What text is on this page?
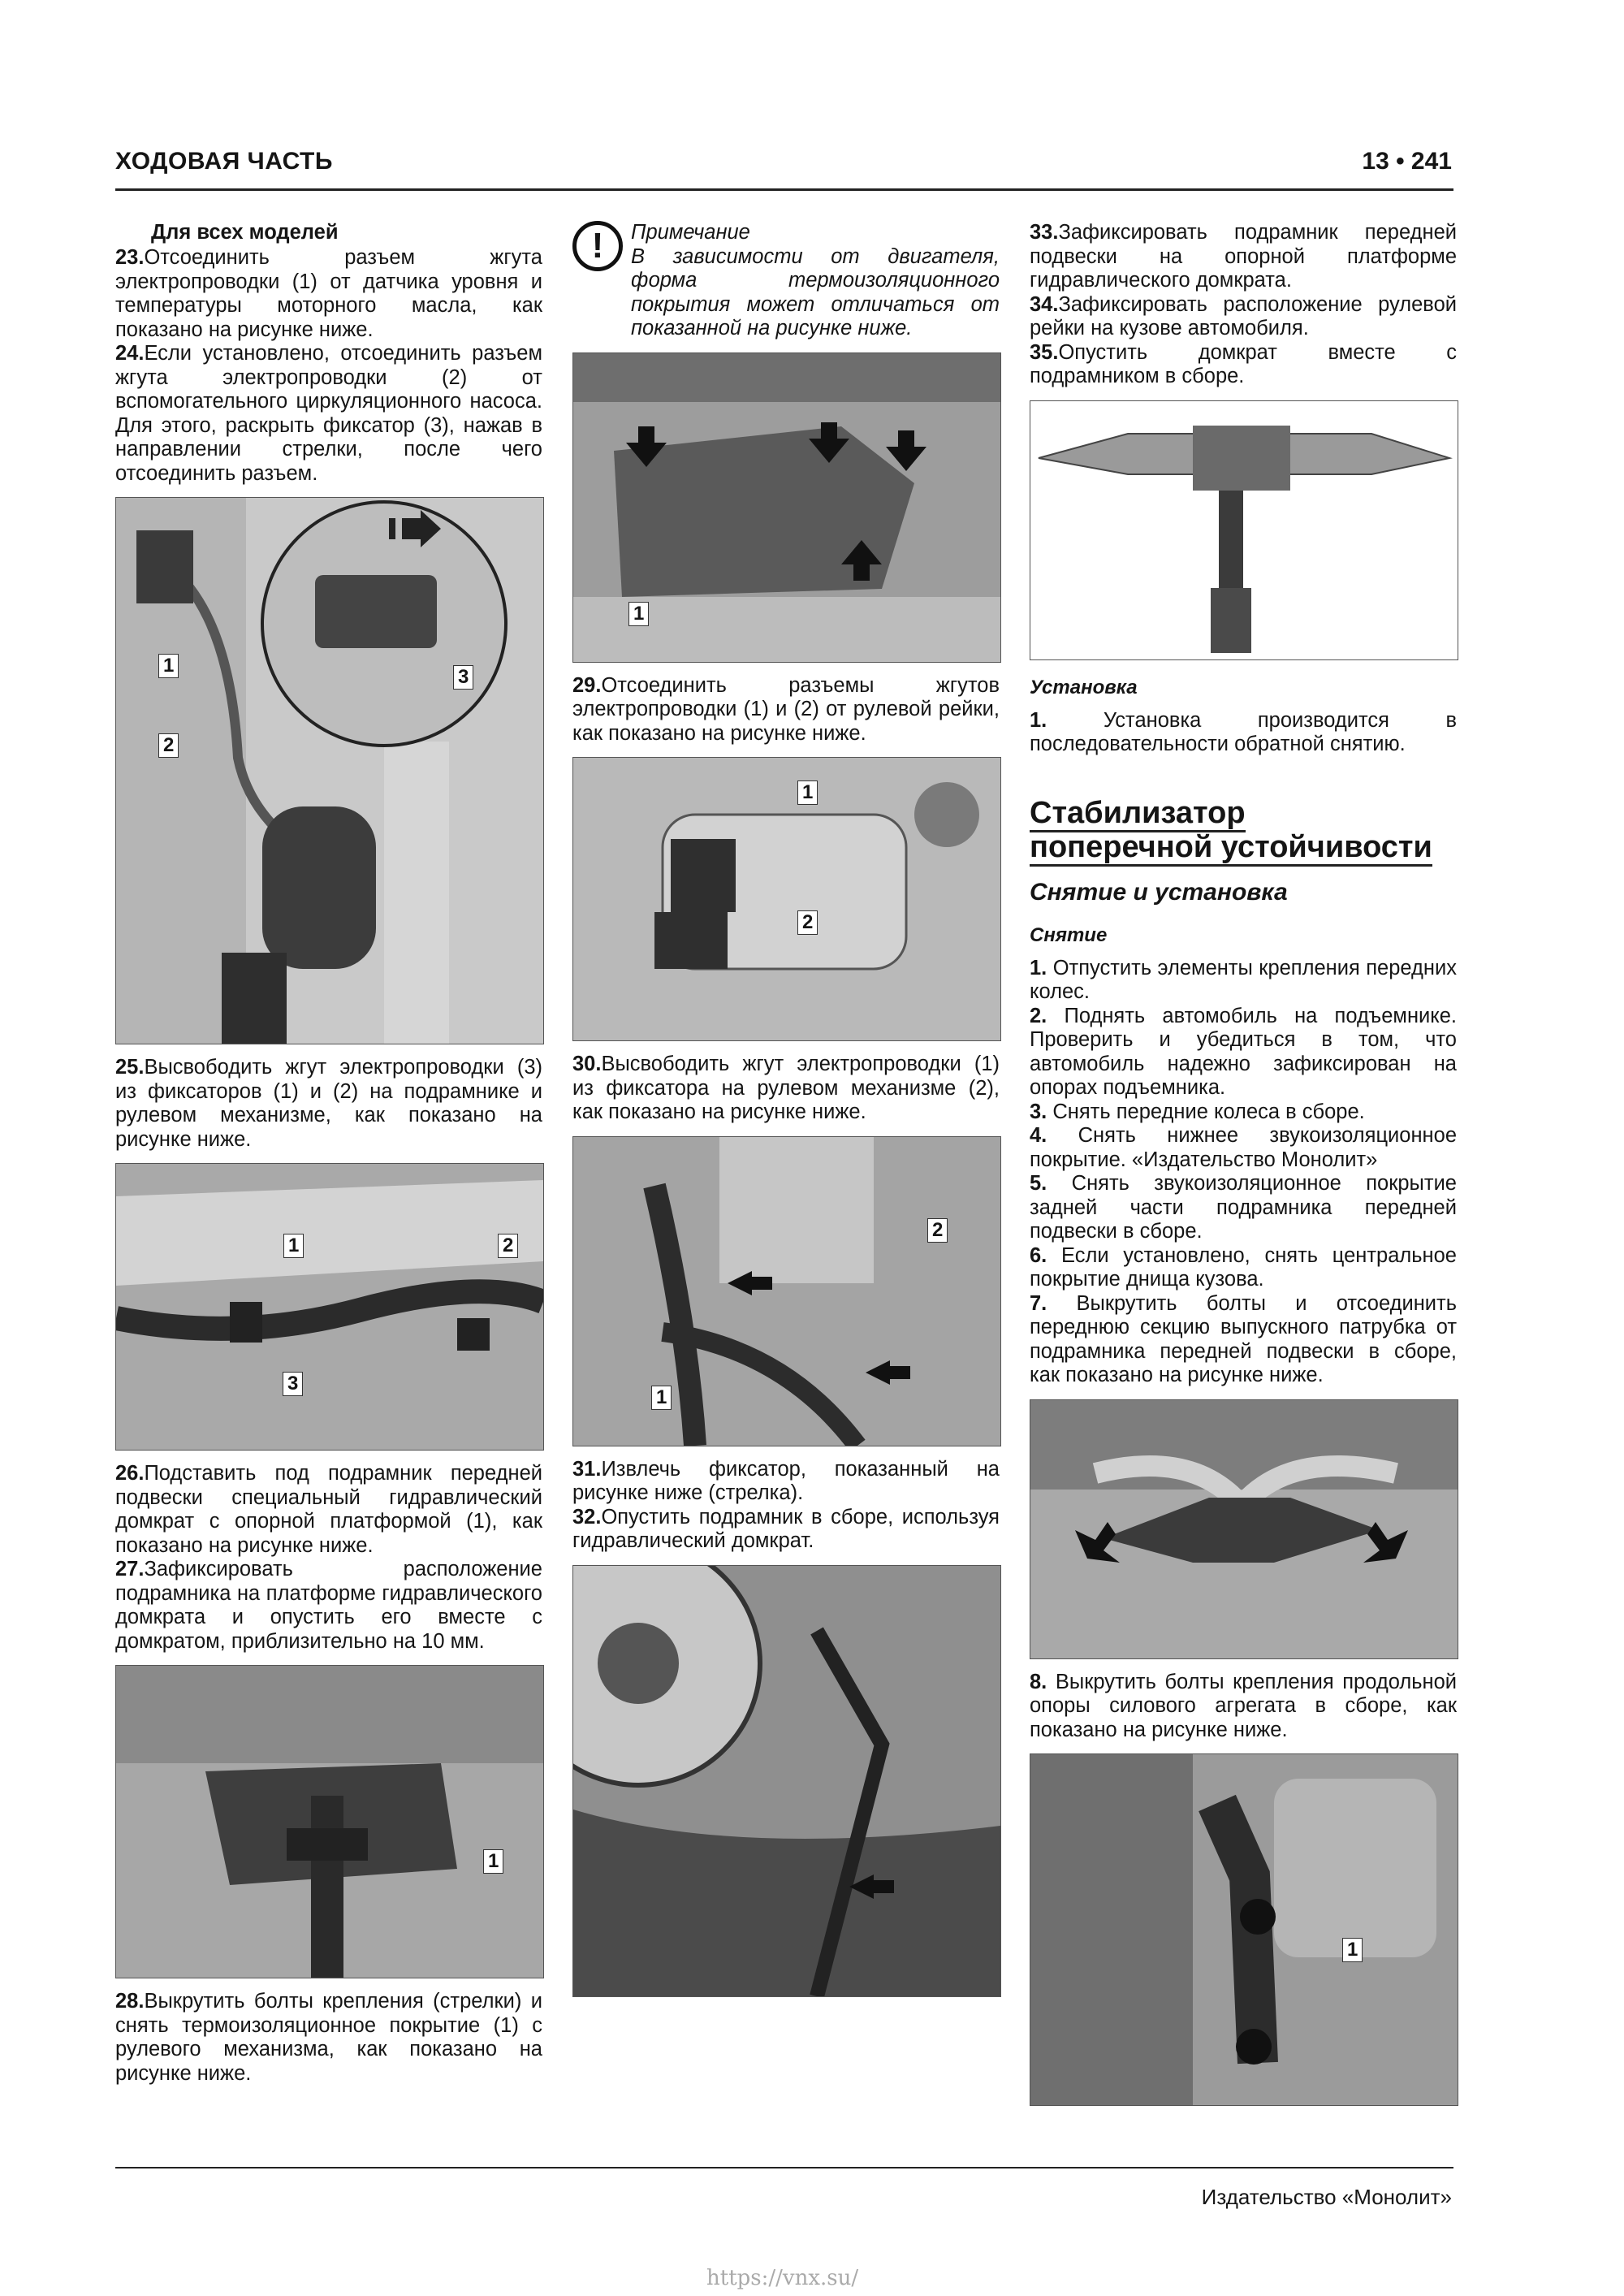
ХОДОВАЯ ЧАСТЬ	13 • 241
Для всех моделей

23.Отсоединить разъем жгута электропроводки (1) от датчика уровня и температуры моторного масла, как показано на рисунке ниже.

24.Если установлено, отсоединить разъем жгута электропроводки (2) от вспомогательного циркуляционного насоса. Для этого, раскрыть фиксатор (3), нажав в направлении стрелки, после чего отсоединить разъем.

1
2
3

25.Высвободить жгут электропроводки (3) из фиксаторов (1) и (2) на подрамнике и рулевом механизме, как показано на рисунке ниже.

1	2
3

26.Подставить под подрамник передней подвески специальный гидравлический домкрат с опорной платформой (1), как показано на рисунке ниже.

27.Зафиксировать расположение подрамника на платформе гидравлического домкрата и опустить его вместе с домкратом, приблизительно на 10 мм.

1

28.Выкрутить болты крепления (стрелки) и снять термоизоляционное покрытие (1) с рулевого механизма, как показано на рисунке ниже.

!	Примечание
В зависимости от двигателя, форма термоизоляционного покрытия может отличаться от показанной на рисунке ниже.
1

29.Отсоединить разъемы жгутов электропроводки (1) и (2) от рулевой рейки, как показано на рисунке ниже.

1
2

30.Высвободить жгут электропроводки (1) из фиксатора на рулевом механизме (2), как показано на рисунке ниже.

1
2

31.Извлечь фиксатор, показанный на рисунке ниже (стрелка).

32.Опустить подрамник в сборе, используя гидравлический домкрат.

33.Зафиксировать подрамник передней подвески на опорной платформе гидравлического домкрата.

34.Зафиксировать расположение рулевой рейки на кузове автомобиля.

35.Опустить домкрат вместе с подрамником в сборе.

Установка

1.	Установка производится в последовательности обратной снятию.

Стабилизатор
поперечной устойчивости
Снятие и установка
Снятие

1. Отпустить элементы крепления передних колес.

2. Поднять автомобиль на подъемнике. Проверить и убедиться в том, что автомобиль надежно зафиксирован на опорах подъемника.

3. Снять передние колеса в сборе.

4. Снять нижнее звукоизоляционное покрытие. «Издательство Монолит»

5. Снять звукоизоляционное покрытие задней части подрамника передней подвески в сборе.

6. Если установлено, снять центральное покрытие днища кузова.

7. Выкрутить болты и отсоединить переднюю секцию выпускного патрубка от подрамника передней подвески в сборе, как показано на рисунке ниже.

8. Выкрутить болты крепления продольной опоры силового агрегата в сборе, как показано на рисунке ниже.

1
Издательство «Монолит»
https://vnx.su/
